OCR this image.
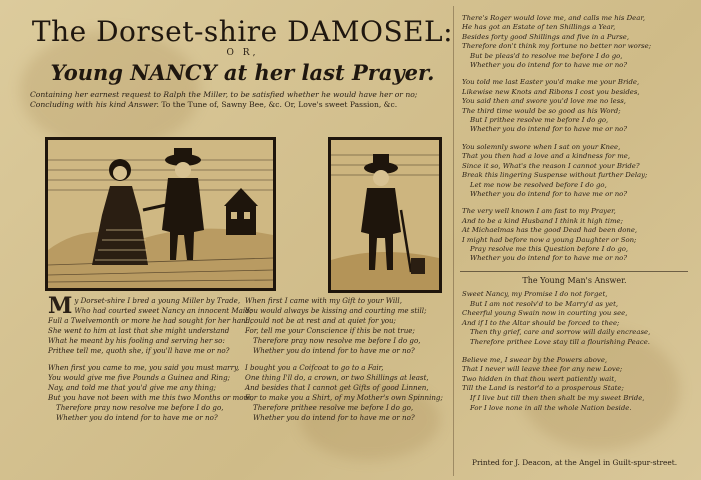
The Dorset-shire DAMOSEL:
O R,
Young NANCY at her last Prayer.
Containing her earnest request to Ralph the Miller, to be satisfied whether he would have her or no; Concluding with his kind Answer. To the Tune of, Sawny Bee, &c. Or, Love's sweet Passion, &c.
My Dorset-shire I bred a young Miller by Trade,
Who had courted sweet Nancy an innocent Maid;
Full a Twelvemonth or more he had sought for her hand,
She went to him at last that she might understand
What he meant by his fooling and serving her so:
Prithee tell me, quoth she, if you'll have me or no?
When first you came to me, you said you must marry,
You would give me five Pounds a Guinea and Ring;
Nay, and told me that you'd give me any thing;
But you have not been with me this two Months or more,
Therefore pray now resolve me before I do go,
Whether you do intend for to have me or no?
When first I came with my Gift to your Will,
You would always be kissing and courting me still;
I could not be at rest and at quiet for you;
For, tell me your Conscience if this be not true;
Therefore pray now resolve me before I do go,
Whether you do intend for to have me or no?
I bought you a Coifcoat to go to a Fair,
One thing I'll do, a crown, or two Shillings at least,
And besides that I cannot get Gifts of good Linnen,
For to make you a Shirt, of my Mother's own Spinning;
Therefore prithee resolve me before I do go,
Whether you do intend for to have me or no?
There's Roger would love me, and calls me his Dear,
He has got an Estate of ten Shillings a Year,
Besides forty good Shillings and five in a Purse,
Therefore don't think my fortune no better nor worse;
But be pleas'd to resolve me before I do go,
Whether you do intend for to have me or no?
You told me last Easter you'd make me your Bride,
Likewise new Knots and Ribons I cost you besides,
You said then and swore you'd love me no less,
The third time would be so good as his Word;
But I prithee resolve me before I do go,
Whether you do intend for to have me or no?
You solemnly swore when I sat on your Knee,
That you then had a love and a kindness for me,
Since it so, What's the reason I cannot your Bride?
Break this lingering Suspense without further Delay;
Let me now be resolved before I do go,
Whether you do intend for to have me or no?
The very well known I am fast to my Prayer,
And to be a kind Husband I think it high time;
At Michaelmas has the good Dead had been done,
I might had before now a young Daughter or Son;
Pray resolve me this Question before I do go,
Whether you do intend for to have me or no?
The Young Man's Answer.
Sweet Nancy, my Promise I do not forget,
But I am not resolv'd to be Marry'd as yet,
Cheerful young Swain now in courting you see,
And if I to the Altar should be forced to thee;
Then thy grief, care and sorrow will daily encrease,
Therefore prithee Love stay till a flourishing Peace.
Believe me, I swear by the Powers above,
That I never will leave thee for any new Love;
Two hidden in that thou wert patiently wait,
Till the Land is restor'd to a prosperous State;
If I live but till then then shalt be my sweet Bride,
For I love none in all the whole Nation beside.
Printed for J. Deacon, at the Angel in Guilt-spur-street.
